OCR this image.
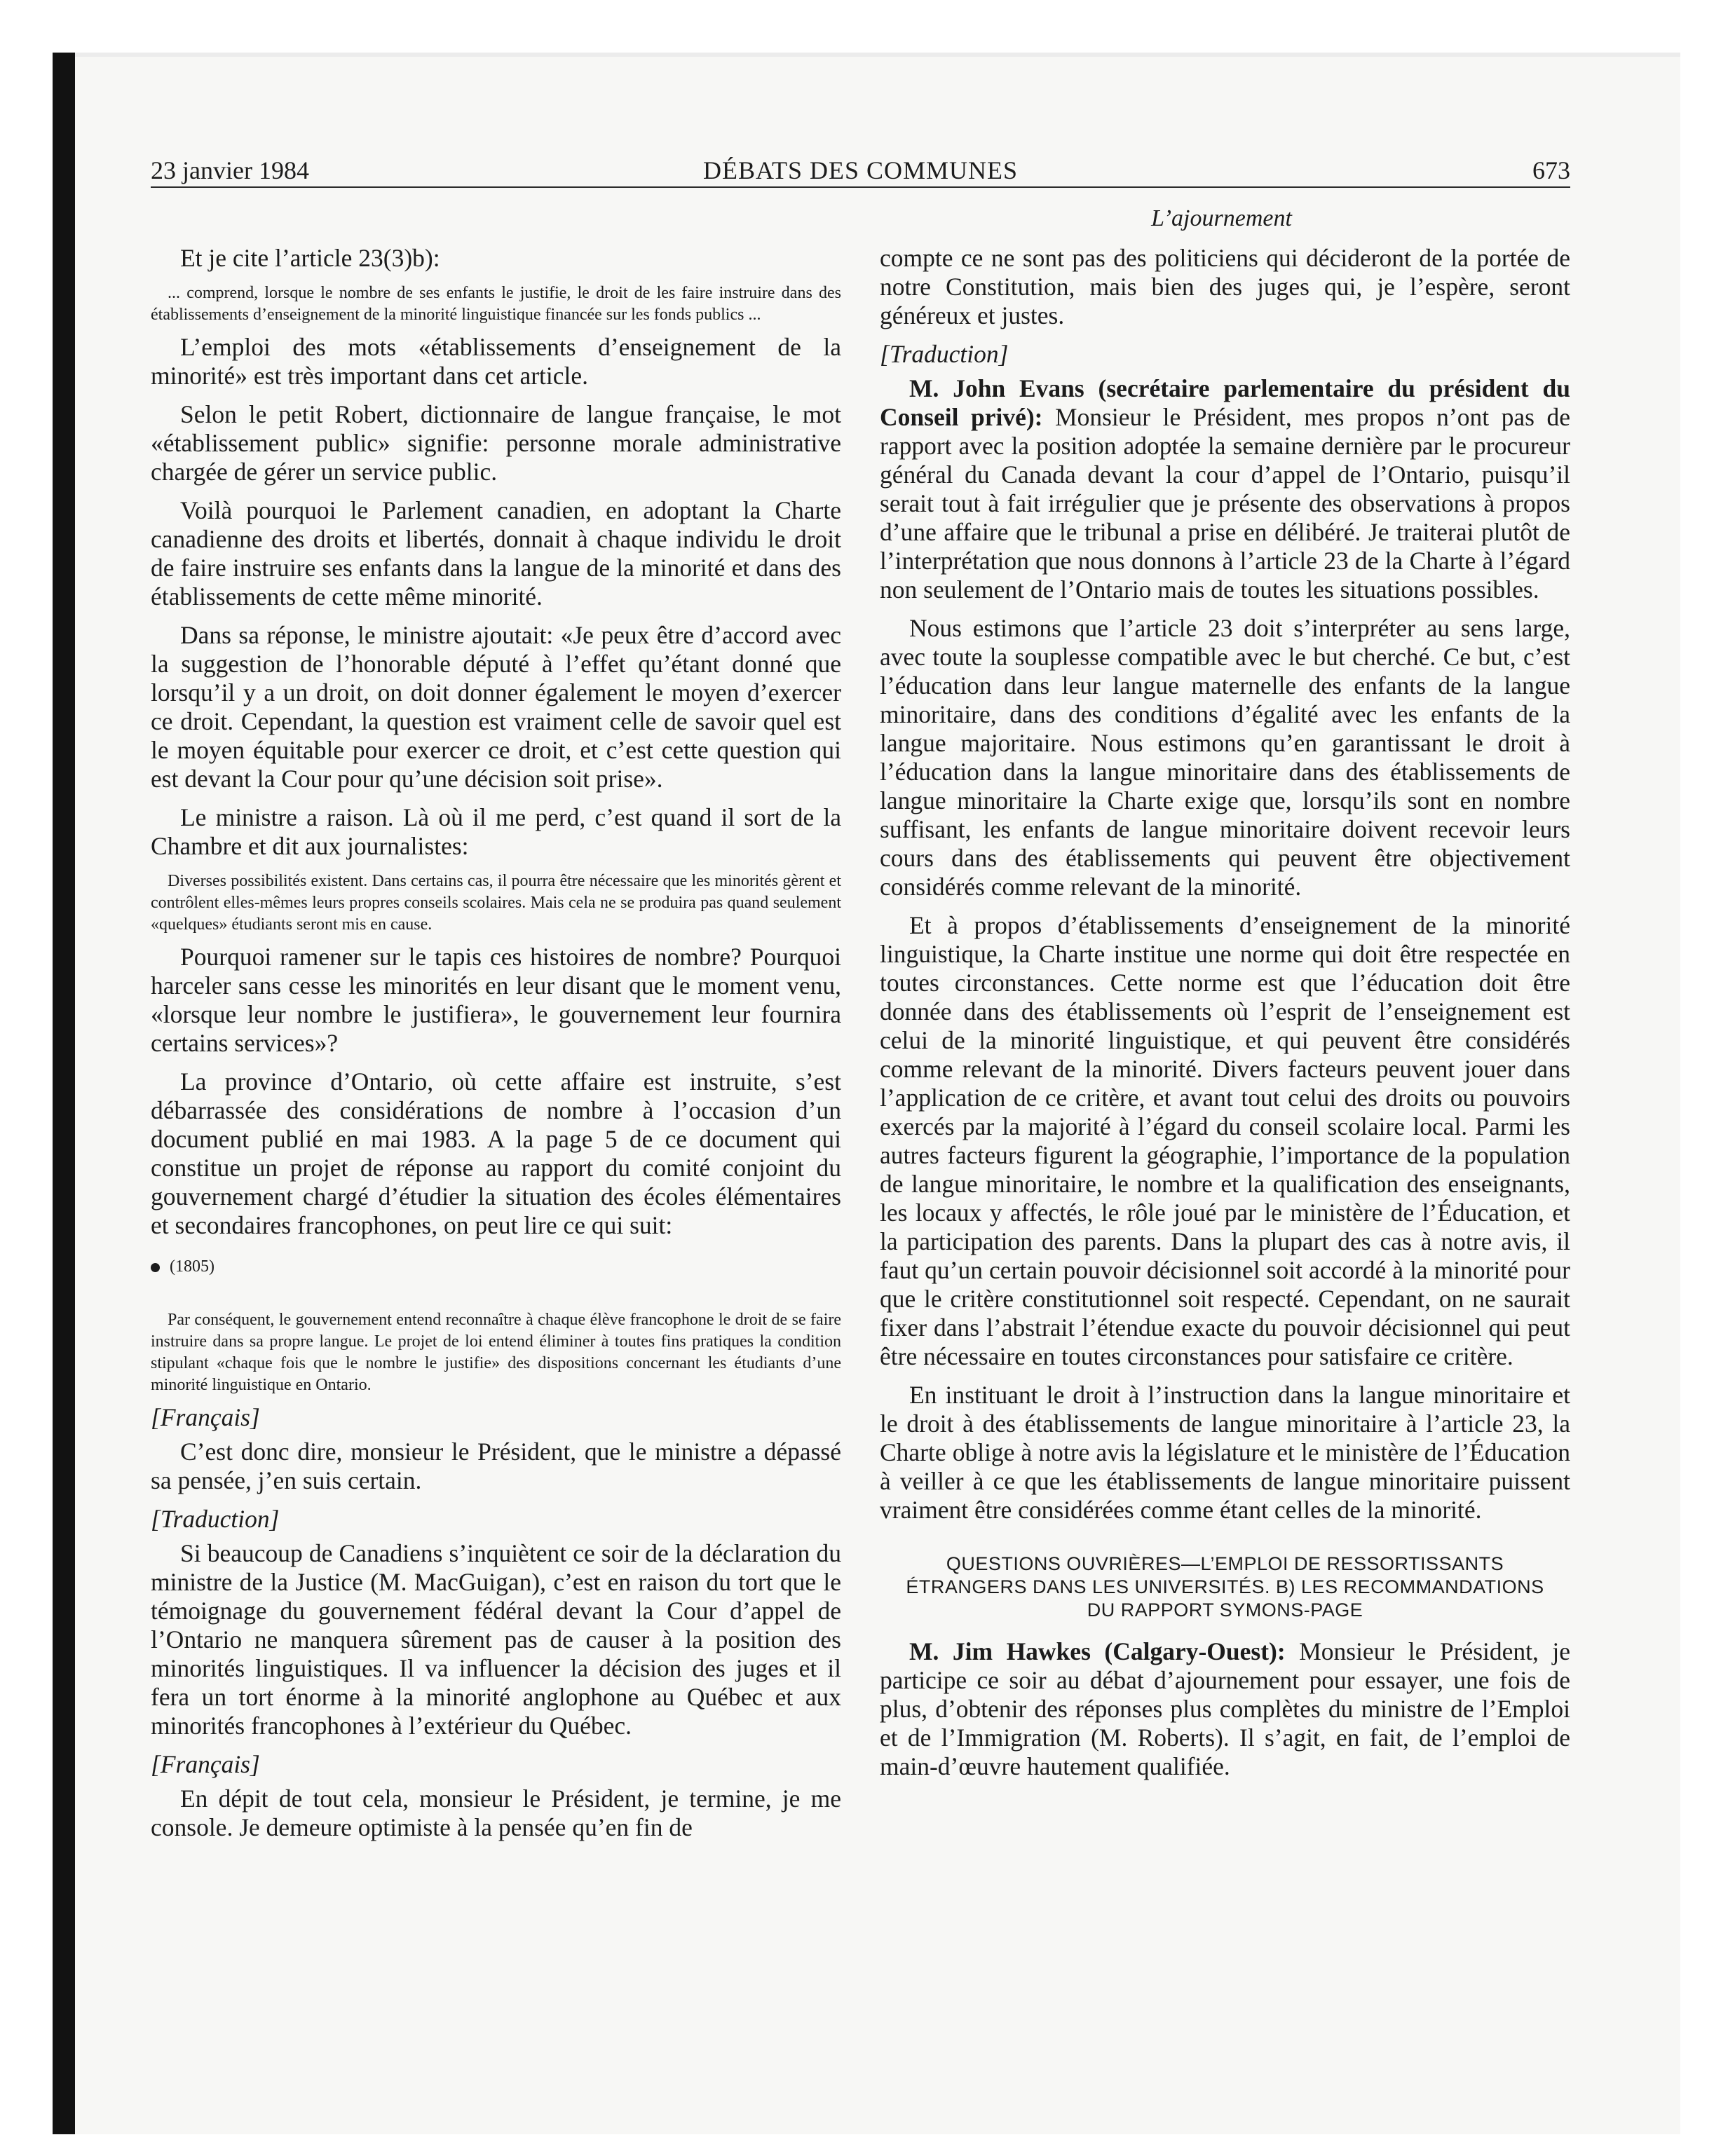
23 janvier 1984	DÉBATS DES COMMUNES	673
L’ajournement

Et je cite l’article 23(3)b):

... comprend, lorsque le nombre de ses enfants le justifie, le droit de les faire instruire dans des établissements d’enseignement de la minorité linguistique financée sur les fonds publics ...

L’emploi des mots «établissements d’enseignement de la minorité» est très important dans cet article.

Selon le petit Robert, dictionnaire de langue française, le mot «établissement public» signifie: personne morale administrative chargée de gérer un service public.

Voilà pourquoi le Parlement canadien, en adoptant la Charte canadienne des droits et libertés, donnait à chaque individu le droit de faire instruire ses enfants dans la langue de la minorité et dans des établissements de cette même minorité.

Dans sa réponse, le ministre ajoutait: «Je peux être d’accord avec la suggestion de l’honorable député à l’effet qu’étant donné que lorsqu’il y a un droit, on doit donner également le moyen d’exercer ce droit. Cependant, la question est vraiment celle de savoir quel est le moyen équitable pour exercer ce droit, et c’est cette question qui est devant la Cour pour qu’une décision soit prise».

Le ministre a raison. Là où il me perd, c’est quand il sort de la Chambre et dit aux journalistes:

Diverses possibilités existent. Dans certains cas, il pourra être nécessaire que les minorités gèrent et contrôlent elles-mêmes leurs propres conseils scolaires. Mais cela ne se produira pas quand seulement «quelques» étudiants seront mis en cause.

Pourquoi ramener sur le tapis ces histoires de nombre? Pourquoi harceler sans cesse les minorités en leur disant que le moment venu, «lorsque leur nombre le justifiera», le gouvernement leur fournira certains services»?

La province d’Ontario, où cette affaire est instruite, s’est débarrassée des considérations de nombre à l’occasion d’un document publié en mai 1983. A la page 5 de ce document qui constitue un projet de réponse au rapport du comité conjoint du gouvernement chargé d’étudier la situation des écoles élémentaires et secondaires francophones, on peut lire ce qui suit:

(1805)

Par conséquent, le gouvernement entend reconnaître à chaque élève francophone le droit de se faire instruire dans sa propre langue. Le projet de loi entend éliminer à toutes fins pratiques la condition stipulant «chaque fois que le nombre le justifie» des dispositions concernant les étudiants d’une minorité linguistique en Ontario.

[Français]

C’est donc dire, monsieur le Président, que le ministre a dépassé sa pensée, j’en suis certain.

[Traduction]

Si beaucoup de Canadiens s’inquiètent ce soir de la déclaration du ministre de la Justice (M. MacGuigan), c’est en raison du tort que le témoignage du gouvernement fédéral devant la Cour d’appel de l’Ontario ne manquera sûrement pas de causer à la position des minorités linguistiques. Il va influencer la décision des juges et il fera un tort énorme à la minorité anglophone au Québec et aux minorités francophones à l’extérieur du Québec.

[Français]

En dépit de tout cela, monsieur le Président, je termine, je me console. Je demeure optimiste à la pensée qu’en fin de

compte ce ne sont pas des politiciens qui décideront de la portée de notre Constitution, mais bien des juges qui, je l’espère, seront généreux et justes.

[Traduction]

M. John Evans (secrétaire parlementaire du président du Conseil privé): Monsieur le Président, mes propos n’ont pas de rapport avec la position adoptée la semaine dernière par le procureur général du Canada devant la cour d’appel de l’Ontario, puisqu’il serait tout à fait irrégulier que je présente des observations à propos d’une affaire que le tribunal a prise en délibéré. Je traiterai plutôt de l’interprétation que nous donnons à l’article 23 de la Charte à l’égard non seulement de l’Ontario mais de toutes les situations possibles.

Nous estimons que l’article 23 doit s’interpréter au sens large, avec toute la souplesse compatible avec le but cherché. Ce but, c’est l’éducation dans leur langue maternelle des enfants de la langue minoritaire, dans des conditions d’égalité avec les enfants de la langue majoritaire. Nous estimons qu’en garantissant le droit à l’éducation dans la langue minoritaire dans des établissements de langue minoritaire la Charte exige que, lorsqu’ils sont en nombre suffisant, les enfants de langue minoritaire doivent recevoir leurs cours dans des établissements qui peuvent être objectivement considérés comme relevant de la minorité.

Et à propos d’établissements d’enseignement de la minorité linguistique, la Charte institue une norme qui doit être respectée en toutes circonstances. Cette norme est que l’éducation doit être donnée dans des établissements où l’esprit de l’enseignement est celui de la minorité linguistique, et qui peuvent être considérés comme relevant de la minorité. Divers facteurs peuvent jouer dans l’application de ce critère, et avant tout celui des droits ou pouvoirs exercés par la majorité à l’égard du conseil scolaire local. Parmi les autres facteurs figurent la géographie, l’importance de la population de langue minoritaire, le nombre et la qualification des enseignants, les locaux y affectés, le rôle joué par le ministère de l’Éducation, et la participation des parents. Dans la plupart des cas à notre avis, il faut qu’un certain pouvoir décisionnel soit accordé à la minorité pour que le critère constitutionnel soit respecté. Cependant, on ne saurait fixer dans l’abstrait l’étendue exacte du pouvoir décisionnel qui peut être nécessaire en toutes circonstances pour satisfaire ce critère.

En instituant le droit à l’instruction dans la langue minoritaire et le droit à des établissements de langue minoritaire à l’article 23, la Charte oblige à notre avis la législature et le ministère de l’Éducation à veiller à ce que les établissements de langue minoritaire puissent vraiment être considérées comme étant celles de la minorité.

QUESTIONS OUVRIÈRES—L’EMPLOI DE RESSORTISSANTS ÉTRANGERS DANS LES UNIVERSITÉS. B) LES RECOMMANDATIONS DU RAPPORT SYMONS-PAGE

M. Jim Hawkes (Calgary-Ouest): Monsieur le Président, je participe ce soir au débat d’ajournement pour essayer, une fois de plus, d’obtenir des réponses plus complètes du ministre de l’Emploi et de l’Immigration (M. Roberts). Il s’agit, en fait, de l’emploi de main-d’œuvre hautement qualifiée.
